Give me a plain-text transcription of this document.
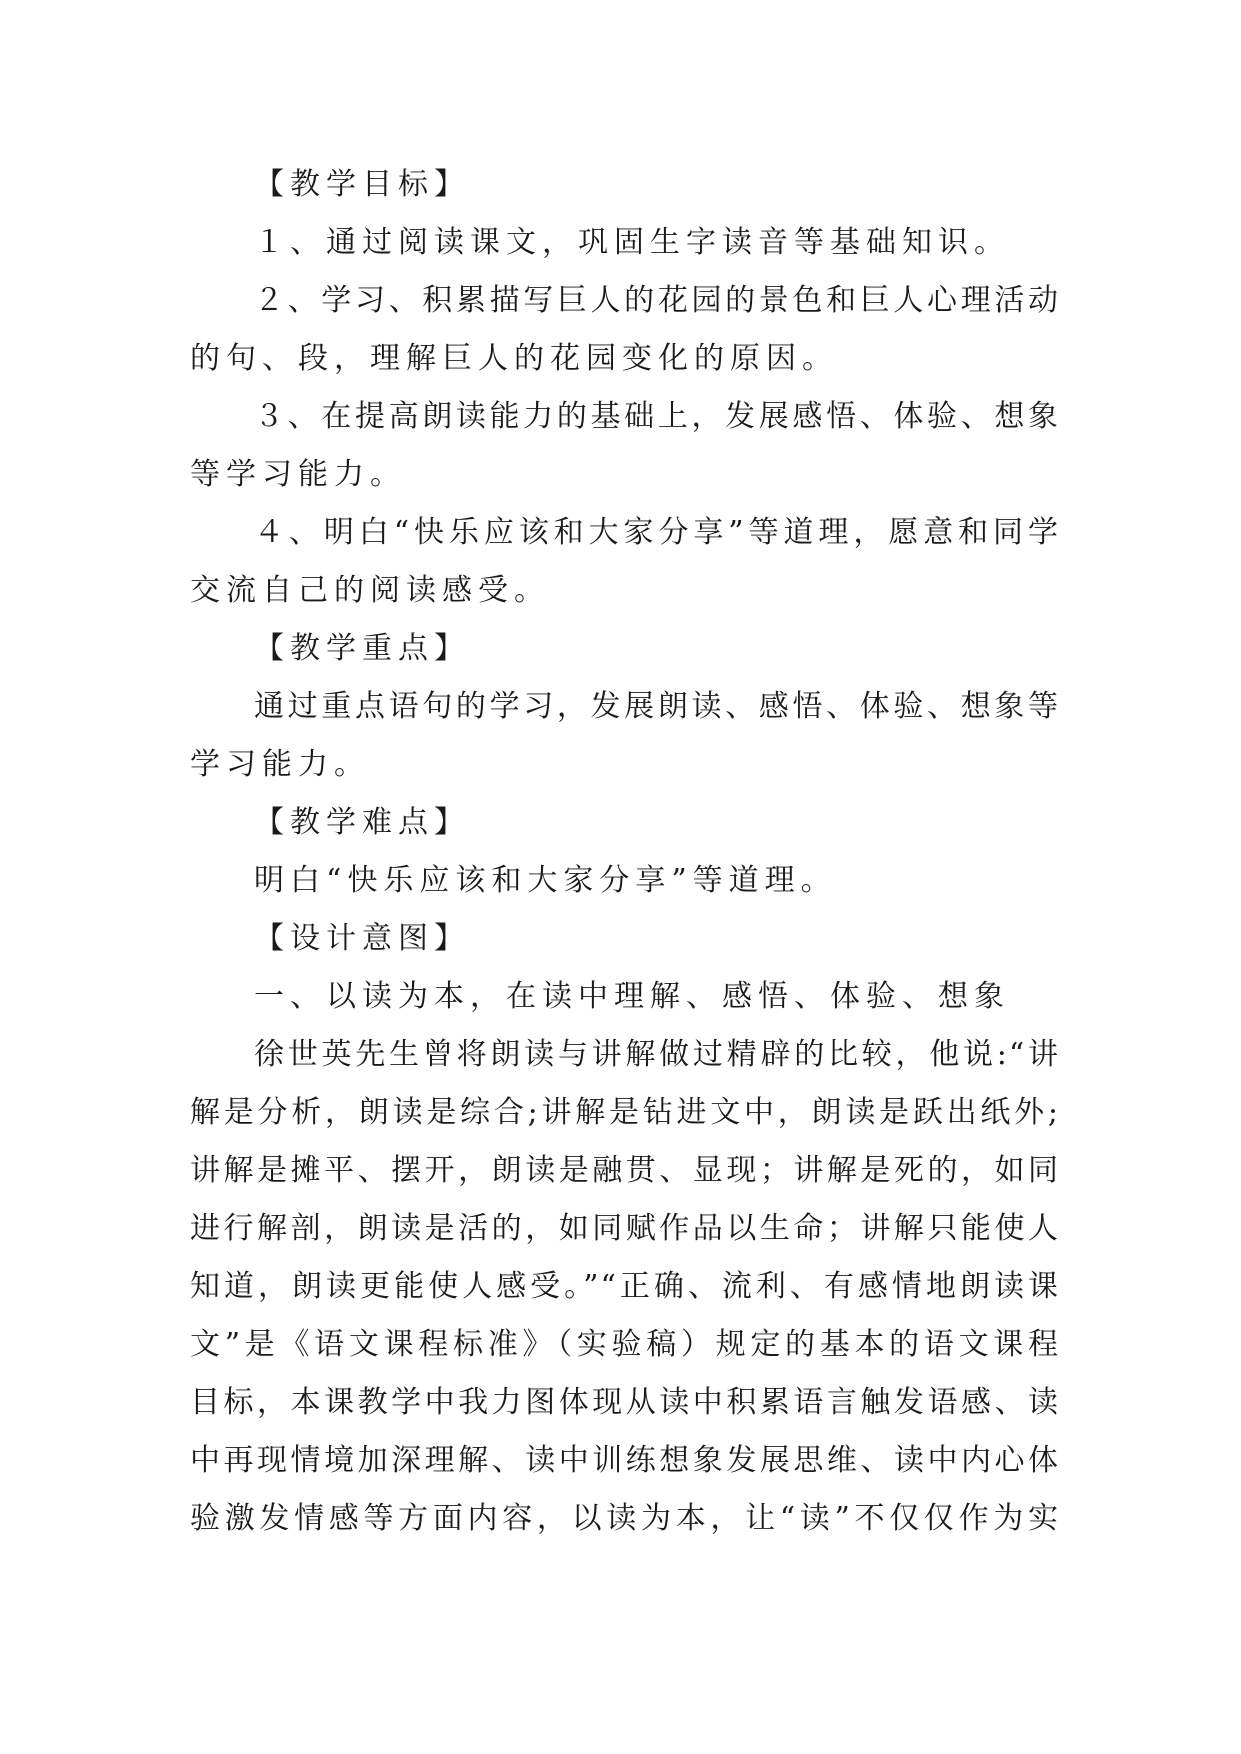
【教学目标】
１、通过阅读课文，巩固生字读音等基础知识。
２、学习、积累描写巨人的花园的景色和巨人心理活动
的句、段，理解巨人的花园变化的原因。
３、在提高朗读能力的基础上，发展感悟、体验、想象
等学习能力。
４、明白“快乐应该和大家分享”等道理，愿意和同学
交流自己的阅读感受。
【教学重点】
通过重点语句的学习，发展朗读、感悟、体验、想象等
学习能力。
【教学难点】
明白“快乐应该和大家分享”等道理。
【设计意图】
一、以读为本，在读中理解、感悟、体验、想象
徐世英先生曾将朗读与讲解做过精辟的比较，他说:“讲
解是分析，朗读是综合;讲解是钻进文中，朗读是跃出纸外;
讲解是摊平、摆开，朗读是融贯、显现；讲解是死的，如同
进行解剖，朗读是活的，如同赋作品以生命；讲解只能使人
知道，朗读更能使人感受。”“正确、流利、有感情地朗读课
文”是《语文课程标准》（实验稿）规定的基本的语文课程
目标，本课教学中我力图体现从读中积累语言触发语感、读
中再现情境加深理解、读中训练想象发展思维、读中内心体
验激发情感等方面内容，以读为本，让“读”不仅仅作为实
